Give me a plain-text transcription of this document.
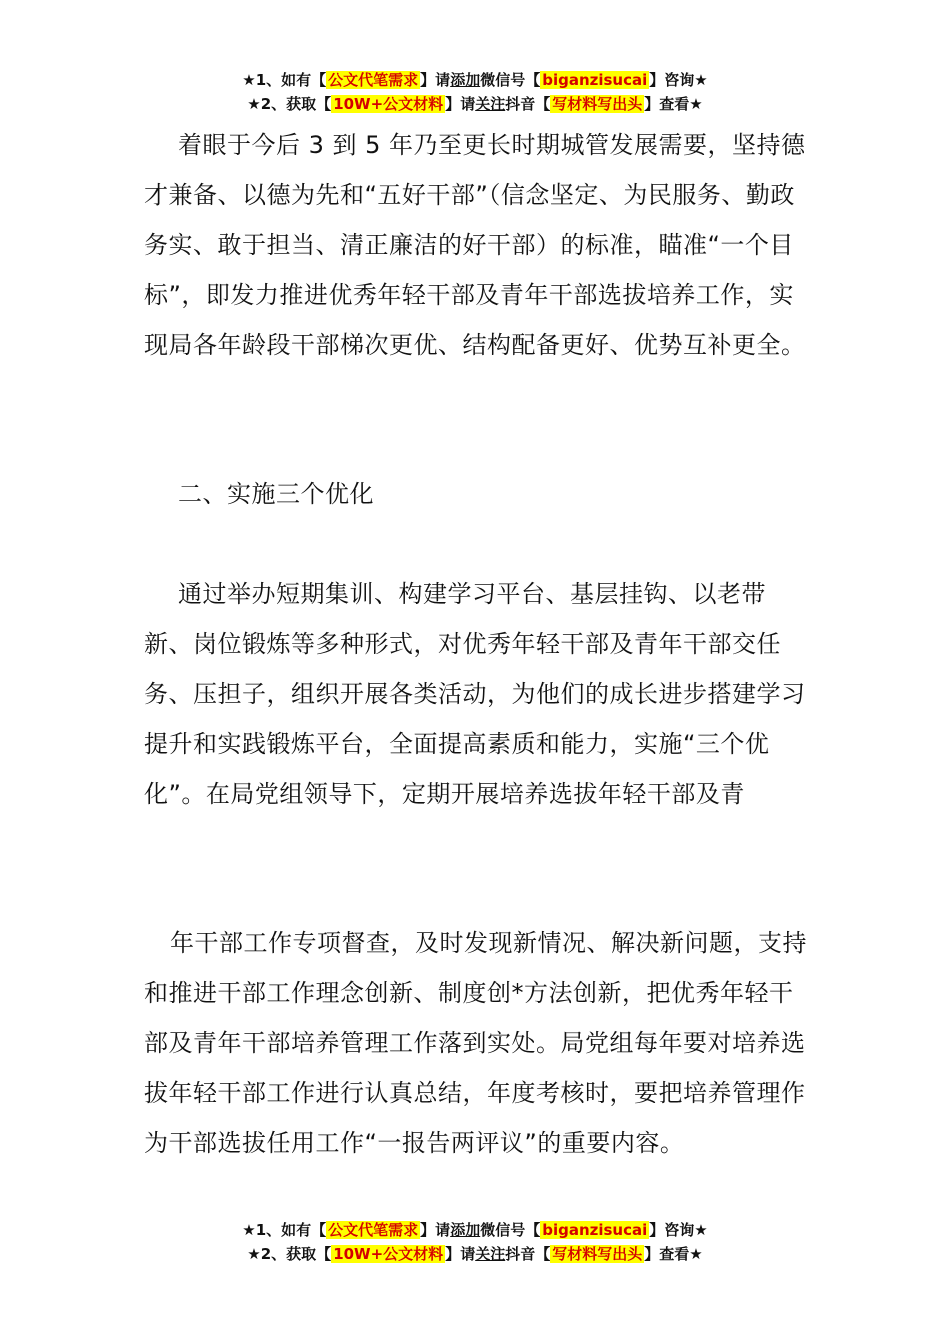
★1、如有【 公文代笔需求 】请添加微信号【 biganzisucai 】咨询★
★2、获取【 10W+公文材料 】请关注抖音【 写材料写出头 】查看★

着眼于今后 3 到 5 年乃至更长时期城管发展需要，坚持德才兼备、以德为先和“五好干部”（信念坚定、为民服务、勤政务实、敢于担当、清正廉洁的好干部）的标准，瞄准“一个目标”，即发力推进优秀年轻干部及青年干部选拔培养工作，实现局各年龄段干部梯次更优、结构配备更好、优势互补更全。

二、实施三个优化

通过举办短期集训、构建学习平台、基层挂钩、以老带新、岗位锻炼等多种形式，对优秀年轻干部及青年干部交任务、压担子，组织开展各类活动，为他们的成长进步搭建学习提升和实践锻炼平台，全面提高素质和能力，实施“三个优化”。在局党组领导下，定期开展培养选拔年轻干部及青

年干部工作专项督查，及时发现新情况、解决新问题，支持和推进干部工作理念创新、制度创*方法创新，把优秀年轻干部及青年干部培养管理工作落到实处。局党组每年要对培养选拔年轻干部工作进行认真总结，年度考核时，要把培养管理作为干部选拔任用工作“一报告两评议”的重要内容。

★1、如有【 公文代笔需求 】请添加微信号【 biganzisucai 】咨询★
★2、获取【 10W+公文材料 】请关注抖音【 写材料写出头 】查看★
